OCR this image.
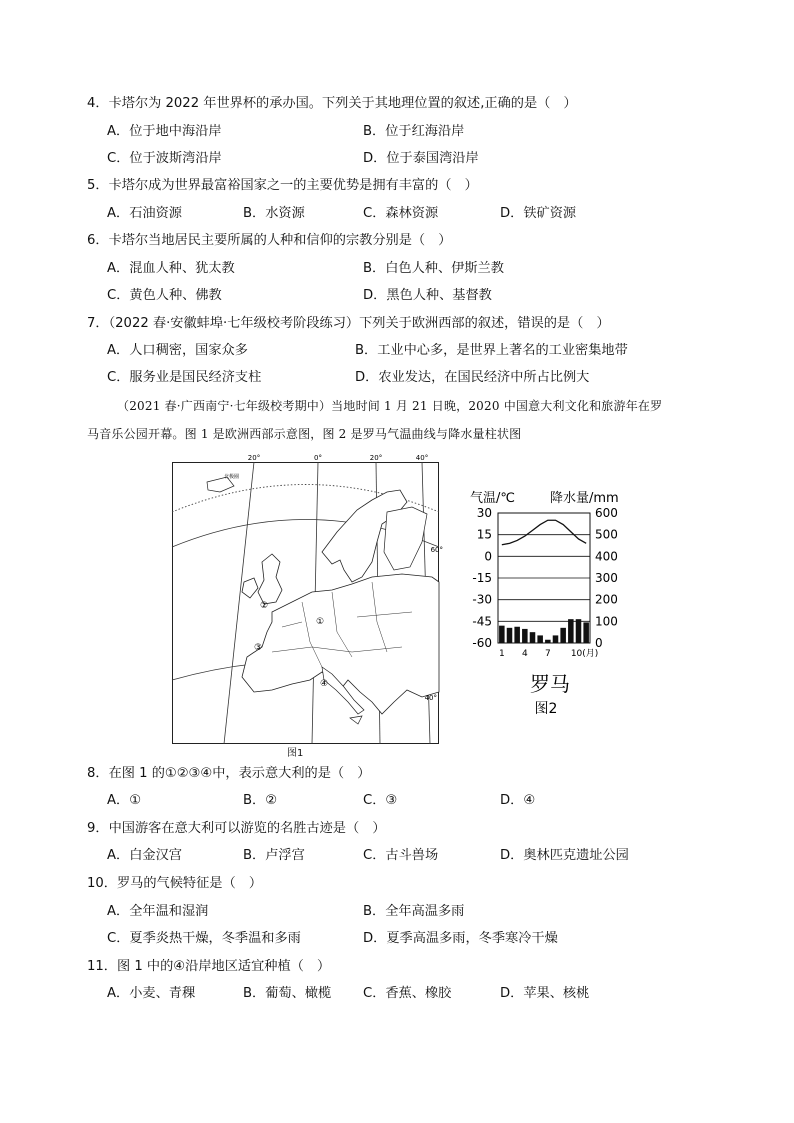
4．卡塔尔为 2022 年世界杯的承办国。下列关于其地理位置的叙述,正确的是（　）
A．位于地中海沿岸	B．位于红海沿岸
C．位于波斯湾沿岸	D．位于泰国湾沿岸
5．卡塔尔成为世界最富裕国家之一的主要优势是拥有丰富的（　）
A．石油资源	B．水资源	C．森林资源	D．铁矿资源
6．卡塔尔当地居民主要所属的人种和信仰的宗教分别是（　）
A．混血人种、犹太教	B．白色人种、伊斯兰教
C．黄色人种、佛教	D．黑色人种、基督教
7．（2022 春·安徽蚌埠·七年级校考阶段练习）下列关于欧洲西部的叙述，错误的是（　）
A．人口稠密，国家众多	B．工业中心多，是世界上著名的工业密集地带
C．服务业是国民经济支柱	D．农业发达，在国民经济中所占比例大
（2021 春·广西南宁·七年级校考期中）当地时间 1 月 21 日晚，2020 中国意大利文化和旅游年在罗
马音乐公园开幕。图 1 是欧洲西部示意图，图 2 是罗马气温曲线与降水量柱状图
①
②
③
④
20°	0°	20°	40°
60°
40°
北极圈
图1
气温/℃	降水量/mm
30
15
0
-15
-30
-45
-60
600
500
400
300
200
100
0
1 4 7 10(月)
罗马
图2
8．在图 1 的①②③④中，表示意大利的是（　）
A．①	B．②	C．③	D．④
9．中国游客在意大利可以游览的名胜古迹是（　）
A．白金汉宫	B．卢浮宫	C．古斗兽场	D．奥林匹克遗址公园
10．罗马的气候特征是（　）
A．全年温和湿润	B．全年高温多雨
C．夏季炎热干燥，冬季温和多雨	D．夏季高温多雨，冬季寒冷干燥
11．图 1 中的④沿岸地区适宜种植（　）
A．小麦、青稞	B．葡萄、橄榄 C．香蕉、橡胶	D．苹果、核桃
